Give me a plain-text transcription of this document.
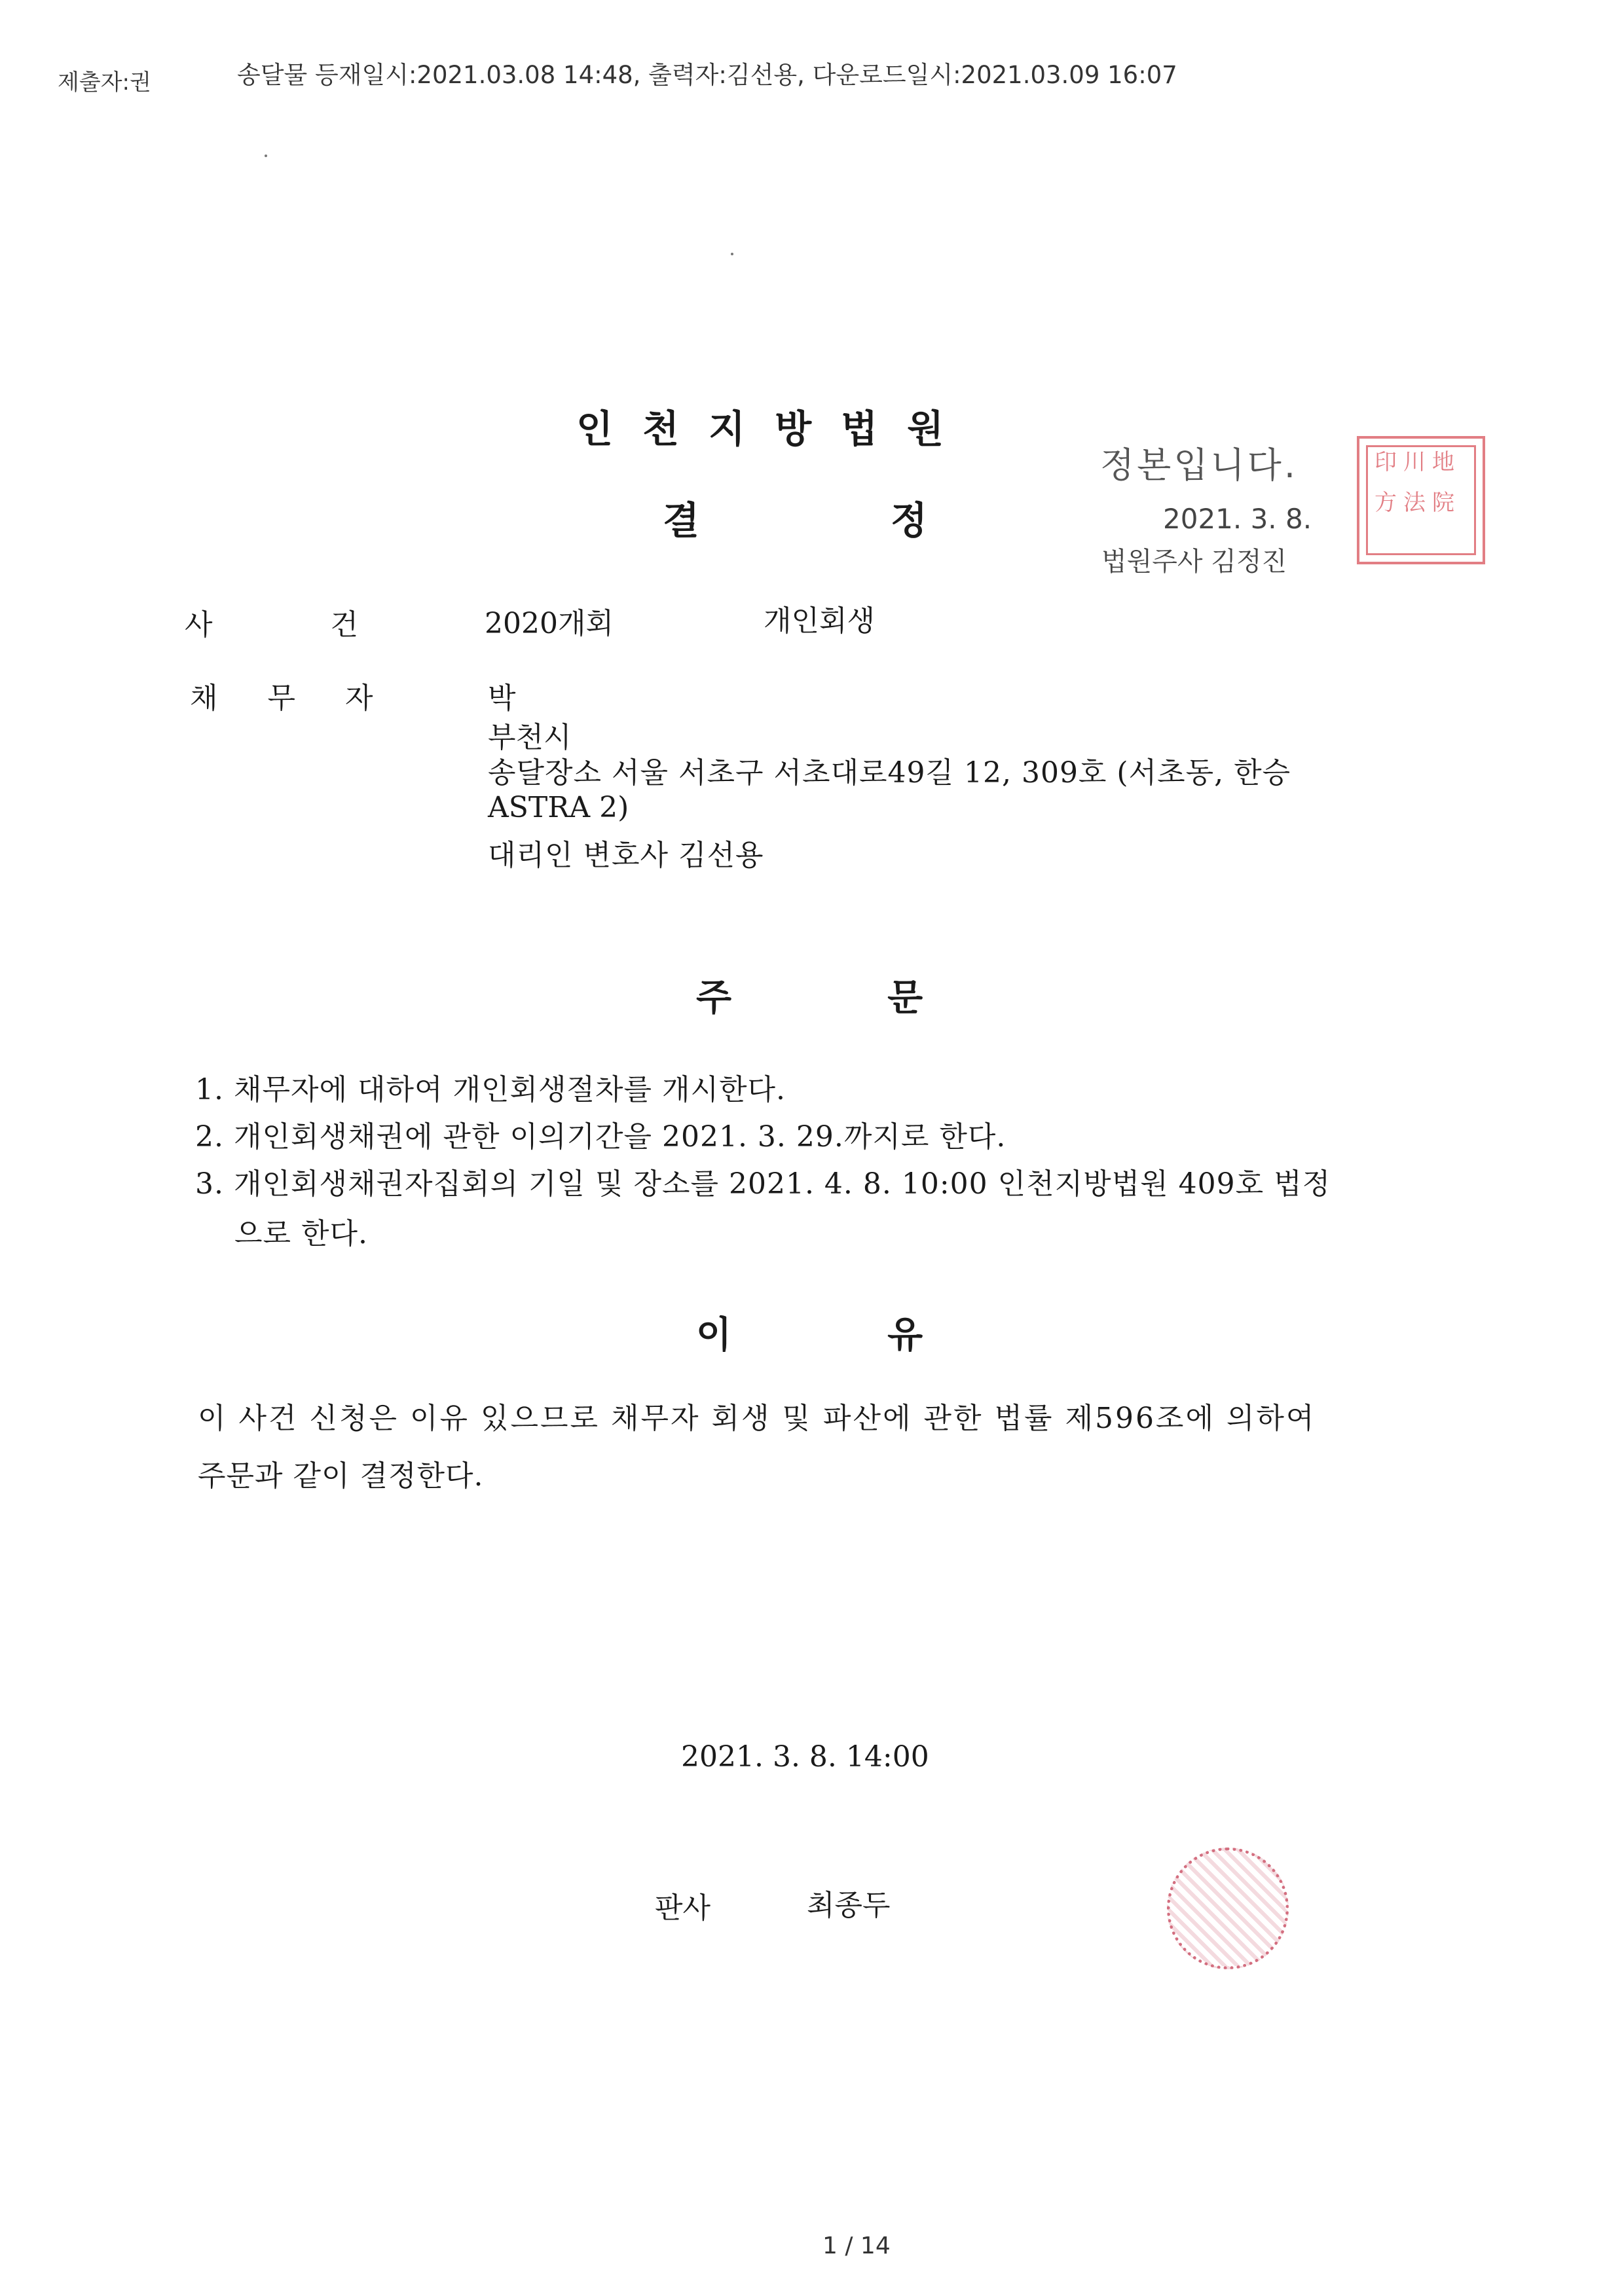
제출자:권	송달물 등재일시:2021.03.08 14:48, 출력자:김선용, 다운로드일시:2021.03.09 16:07
인천지방법원
결정
정본입니다.
2021. 3. 8.
법원주사 김정진
印 川 地
方 法 院
사건 2020개회	개인회생
채무자 박
부천시
송달장소 서울 서초구 서초대로49길 12, 309호 (서초동, 한승
ASTRA 2)
대리인 변호사 김선용
주문
1. 채무자에 대하여 개인회생절차를 개시한다.
2. 개인회생채권에 관한 이의기간을 2021. 3. 29.까지로 한다.
3. 개인회생채권자집회의 기일 및 장소를 2021. 4. 8. 10:00 인천지방법원 409호 법정
으로 한다.
이유
이 사건 신청은 이유 있으므로 채무자 회생 및 파산에 관한 법률 제596조에 의하여
주문과 같이 결정한다.
2021. 3. 8. 14:00
판사	최종두
1 / 14
